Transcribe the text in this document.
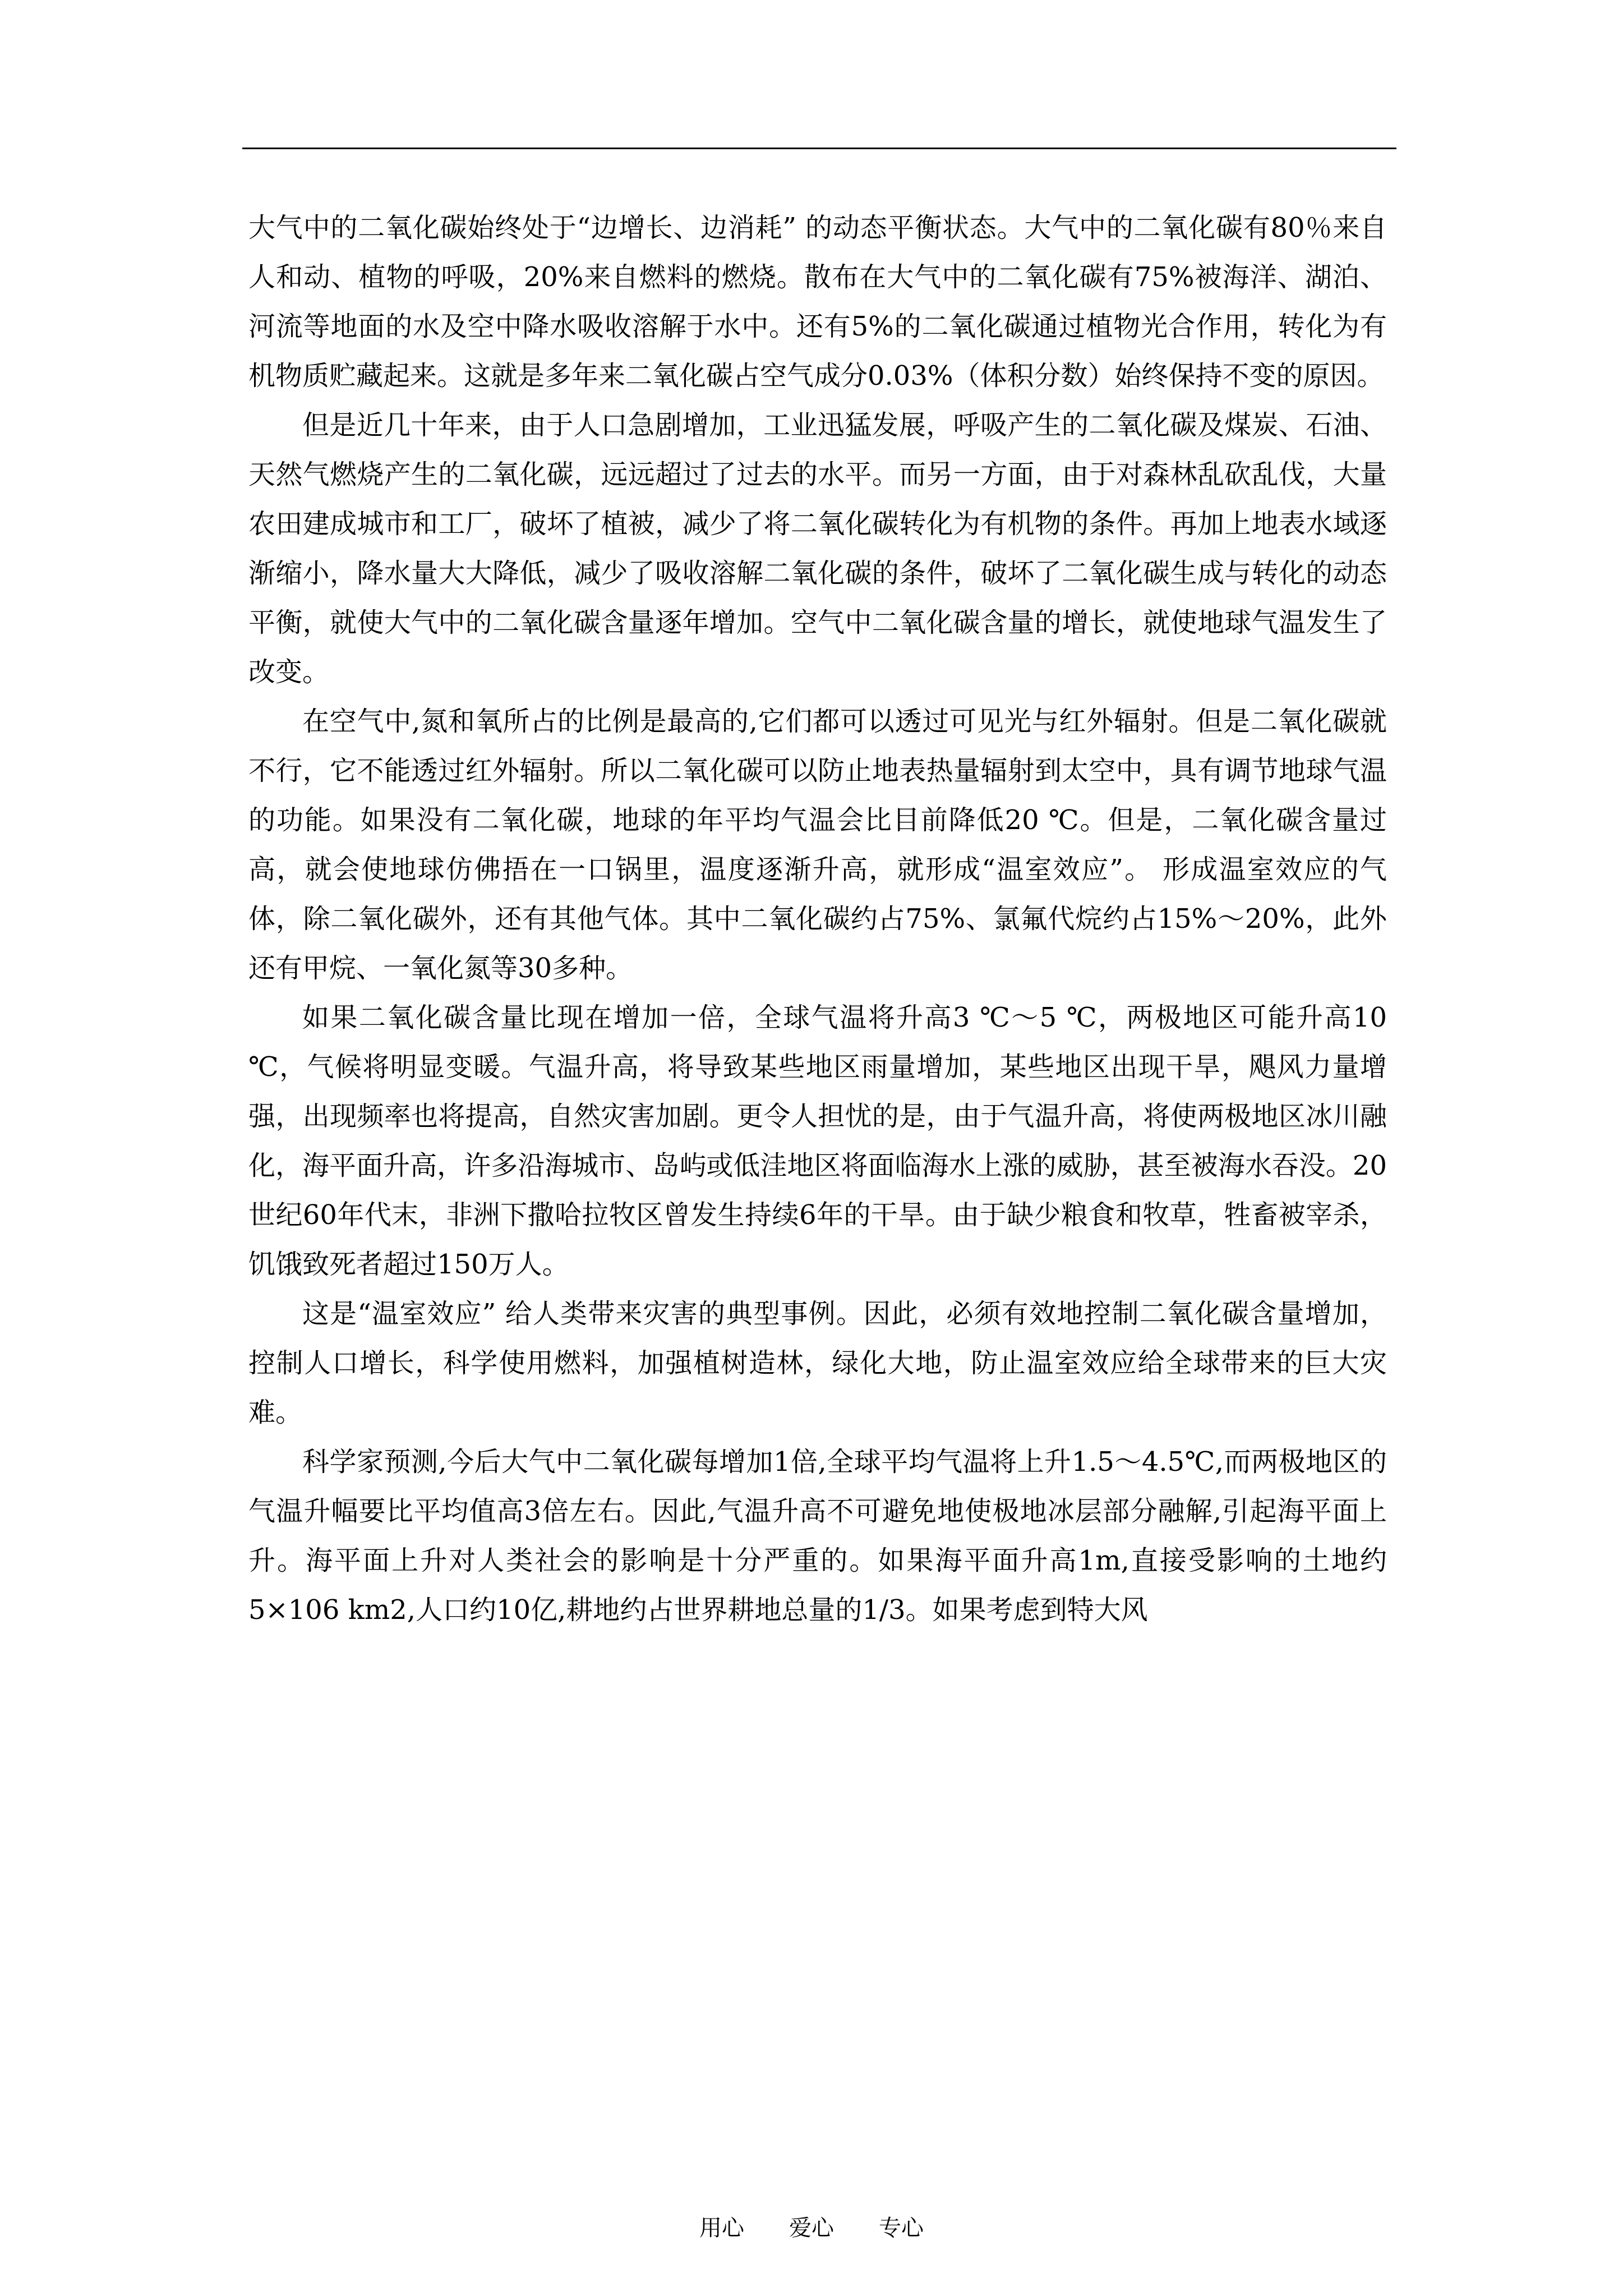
大气中的二氧化碳始终处于“边增长、边消耗” 的动态平衡状态。大气中的二氧化碳有80％来自人和动、植物的呼吸，20%来自燃料的燃烧。散布在大气中的二氧化碳有75%被海洋、湖泊、河流等地面的水及空中降水吸收溶解于水中。还有5%的二氧化碳通过植物光合作用，转化为有机物质贮藏起来。这就是多年来二氧化碳占空气成分0.03%（体积分数）始终保持不变的原因。

但是近几十年来，由于人口急剧增加，工业迅猛发展，呼吸产生的二氧化碳及煤炭、石油、天然气燃烧产生的二氧化碳，远远超过了过去的水平。而另一方面，由于对森林乱砍乱伐，大量农田建成城市和工厂，破坏了植被，减少了将二氧化碳转化为有机物的条件。再加上地表水域逐渐缩小，降水量大大降低，减少了吸收溶解二氧化碳的条件，破坏了二氧化碳生成与转化的动态平衡，就使大气中的二氧化碳含量逐年增加。空气中二氧化碳含量的增长，就使地球气温发生了改变。

在空气中,氮和氧所占的比例是最高的,它们都可以透过可见光与红外辐射。但是二氧化碳就不行，它不能透过红外辐射。所以二氧化碳可以防止地表热量辐射到太空中，具有调节地球气温的功能。如果没有二氧化碳，地球的年平均气温会比目前降低20 ℃。但是，二氧化碳含量过高，就会使地球仿佛捂在一口锅里，温度逐渐升高，就形成“温室效应”。 形成温室效应的气体，除二氧化碳外，还有其他气体。其中二氧化碳约占75%、氯氟代烷约占15%～20%，此外还有甲烷、一氧化氮等30多种。

如果二氧化碳含量比现在增加一倍，全球气温将升高3 ℃～5 ℃，两极地区可能升高10 ℃，气候将明显变暖。气温升高，将导致某些地区雨量增加，某些地区出现干旱，飓风力量增强，出现频率也将提高，自然灾害加剧。更令人担忧的是，由于气温升高，将使两极地区冰川融化，海平面升高，许多沿海城市、岛屿或低洼地区将面临海水上涨的威胁，甚至被海水吞没。20世纪60年代末，非洲下撒哈拉牧区曾发生持续6年的干旱。由于缺少粮食和牧草，牲畜被宰杀，饥饿致死者超过150万人。

这是“温室效应” 给人类带来灾害的典型事例。因此，必须有效地控制二氧化碳含量增加，控制人口增长，科学使用燃料，加强植树造林，绿化大地，防止温室效应给全球带来的巨大灾难。

科学家预测,今后大气中二氧化碳每增加1倍,全球平均气温将上升1.5～4.5℃,而两极地区的气温升幅要比平均值高3倍左右。因此,气温升高不可避免地使极地冰层部分融解,引起海平面上升。海平面上升对人类社会的影响是十分严重的。如果海平面升高1m,直接受影响的土地约5×106 km2,人口约10亿,耕地约占世界耕地总量的1/3。如果考虑到特大风

用心　　爱心　　专心
